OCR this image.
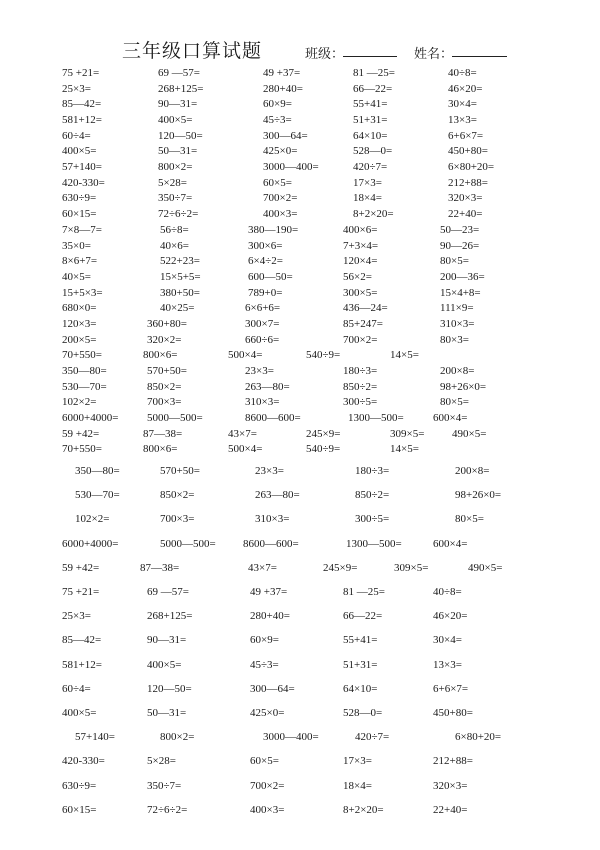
三年级口算试题	班级：	姓名：
75 +21=	69 —57=	49 +37=	81 —25=	40÷8=
25×3=	268+125=	280+40=	66—22=	46×20=
85—42=	90—31=	60×9=	55+41=	30×4=
581+12=	400×5=	45÷3=	51+31=	13×3=
60÷4=	120—50=	300—64=	64×10=	6+6×7=
400×5=	50—31=	425×0=	528—0=	450+80=
57+140=	800×2=	3000—400=	420÷7=	6×80+20=
420-330=	5×28=	60×5=	17×3=	212+88=
630÷9=	350÷7=	700×2=	18×4=	320×3=
60×15=	72÷6÷2=	400×3=	8+2×20=	22+40=
7×8—7=	56÷8=	380—190=	400×6=	50—23=
35×0=	40×6=	300×6=	7+3×4=	90—26=
8×6+7=	522+23=	6×4÷2=	120×4=	80×5=
40×5=	15×5+5=	600—50=	56×2=	200—36=
15+5×3=	380+50=	789+0=	300×5=	15×4+8=
680×0=	40×25=	6×6+6=	436—24=	111×9=
120×3=	360+80=	300×7=	85+247=	310×3=
200×5=	320×2=	660÷6=	700×2=	80×3=
70+550=	800×6=	500×4=	540÷9=	14×5=
350—80=	570+50=	23×3=	180÷3=	200×8=
530—70=	850×2=	263—80=	850÷2=	98+26×0=
102×2=	700×3=	310×3=	300÷5=	80×5=
6000+4000=	5000—500=	8600—600=	1300—500=	600×4=
59 +42=	87—38=	43×7=	245×9=	309×5=	490×5=
70+550=	800×6=	500×4=	540÷9=	14×5=
350—80=	570+50=	23×3=	180÷3=	200×8=
530—70=	850×2=	263—80=	850÷2=	98+26×0=
102×2=	700×3=	310×3=	300÷5=	80×5=
6000+4000=	5000—500= 8600—600=	1300—500=	600×4=
59 +42=	87—38=	43×7=	245×9=	309×5=	490×5=
75 +21=	69 —57=	49 +37=	81 —25=	40÷8=
25×3=	268+125=	280+40=	66—22=	46×20=
85—42=	90—31=	60×9=	55+41=	30×4=
581+12=	400×5=	45÷3=	51+31=	13×3=
60÷4=	120—50=	300—64=	64×10=	6+6×7=
400×5=	50—31=	425×0=	528—0=	450+80=
57+140=	800×2=	3000—400=	420÷7=	6×80+20=
420-330=	5×28=	60×5=	17×3=	212+88=
630÷9=	350÷7=	700×2=	18×4=	320×3=
60×15=	72÷6÷2=	400×3=	8+2×20=	22+40=
